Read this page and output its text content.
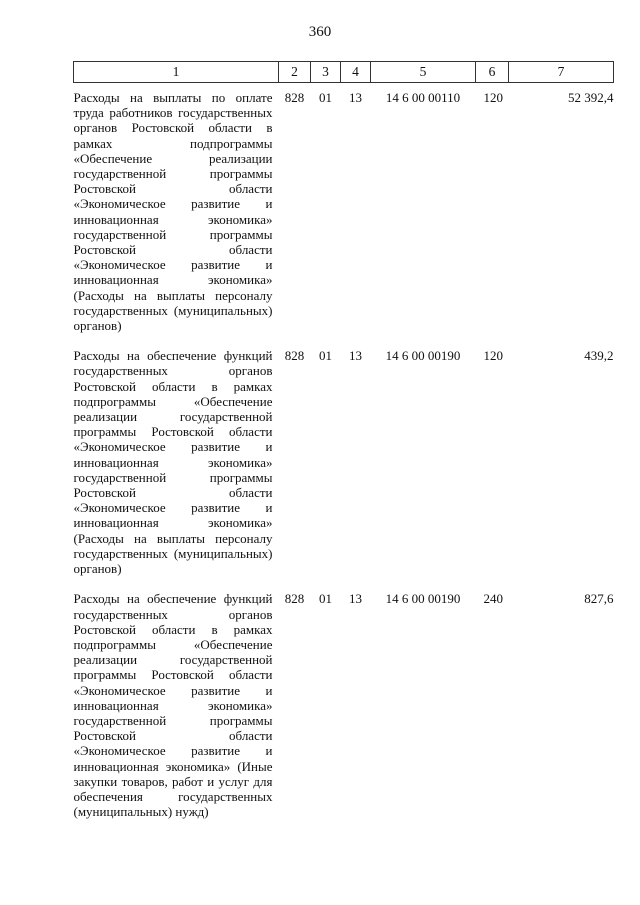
360
1	2	3	4	5	6	7
Расходы на выплаты по оплате труда работников государственных органов Ростовской области в рамках подпрограммы «Обеспечение реализации государственной программы Ростовской области «Экономическое развитие и инновационная экономика» государственной программы Ростовской области «Экономическое развитие и инновационная экономика» (Расходы на выплаты персоналу государственных (муниципальных) органов)	828	01	13	14 6 00 00110	120	52 392,4
Расходы на обеспечение функций государственных органов Ростовской области в рамках подпрограммы «Обеспечение реализации государственной программы Ростовской области «Экономическое развитие и инновационная экономика» государственной программы Ростовской области «Экономическое развитие и инновационная экономика» (Расходы на выплаты персоналу государственных (муниципальных) органов)	828	01	13	14 6 00 00190	120	439,2
Расходы на обеспечение функций государственных органов Ростовской области в рамках подпрограммы «Обеспечение реализации государственной программы Ростовской области «Экономическое развитие и инновационная экономика» государственной программы Ростовской области «Экономическое развитие и инновационная экономика» (Иные закупки товаров, работ и услуг для обеспечения государственных (муниципальных) нужд)	828	01	13	14 6 00 00190	240	827,6
